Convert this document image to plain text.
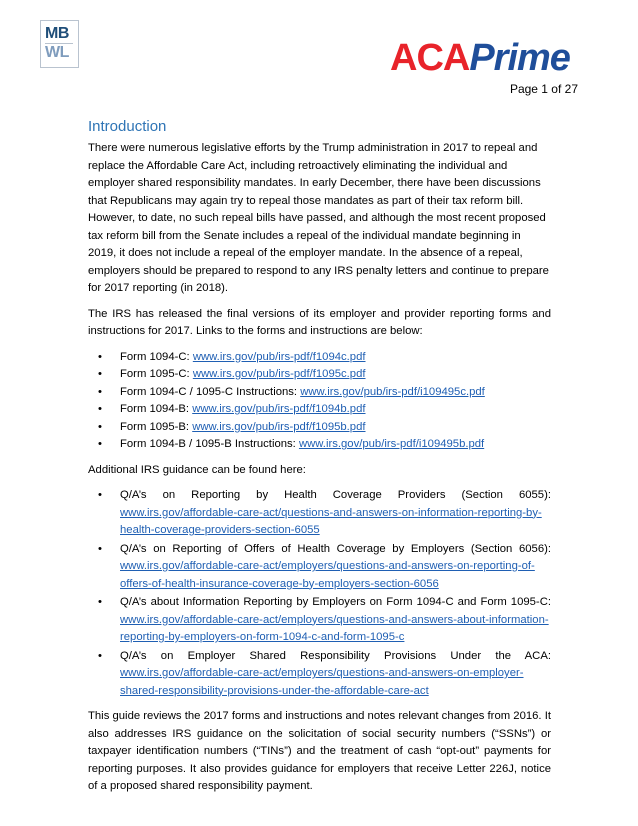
MB
WL	ACAPrime
Page 1 of 27
Introduction

There were numerous legislative efforts by the Trump administration in 2017 to repeal and replace the Affordable Care Act, including retroactively eliminating the individual and employer shared responsibility mandates. In early December, there have been discussions that Republicans may again try to repeal those mandates as part of their tax reform bill. However, to date, no such repeal bills have passed, and although the most recent proposed tax reform bill from the Senate includes a repeal of the individual mandate beginning in 2019, it does not include a repeal of the employer mandate. In the absence of a repeal, employers should be prepared to respond to any IRS penalty letters and continue to prepare for 2017 reporting (in 2018).

The IRS has released the final versions of its employer and provider reporting forms and instructions for 2017. Links to the forms and instructions are below:

• Form 1094-C: www.irs.gov/pub/irs-pdf/f1094c.pdf
• Form 1095-C: www.irs.gov/pub/irs-pdf/f1095c.pdf
• Form 1094-C / 1095-C Instructions: www.irs.gov/pub/irs-pdf/i109495c.pdf
• Form 1094-B: www.irs.gov/pub/irs-pdf/f1094b.pdf
• Form 1095-B: www.irs.gov/pub/irs-pdf/f1095b.pdf
• Form 1094-B / 1095-B Instructions: www.irs.gov/pub/irs-pdf/i109495b.pdf

Additional IRS guidance can be found here:

• Q/A’s on Reporting by Health Coverage Providers (Section 6055): www.irs.gov/affordable-care-act/questions-and-answers-on-information-reporting-by-health-coverage-providers-section-6055
• Q/A’s on Reporting of Offers of Health Coverage by Employers (Section 6056): www.irs.gov/affordable-care-act/employers/questions-and-answers-on-reporting-of-offers-of-health-insurance-coverage-by-employers-section-6056
• Q/A’s about Information Reporting by Employers on Form 1094-C and Form 1095-C: www.irs.gov/affordable-care-act/employers/questions-and-answers-about-information-reporting-by-employers-on-form-1094-c-and-form-1095-c
• Q/A’s on Employer Shared Responsibility Provisions Under the ACA: www.irs.gov/affordable-care-act/employers/questions-and-answers-on-employer-shared-responsibility-provisions-under-the-affordable-care-act

This guide reviews the 2017 forms and instructions and notes relevant changes from 2016. It also addresses IRS guidance on the solicitation of social security numbers (“SSNs”) or taxpayer identification numbers (“TINs”) and the treatment of cash “opt-out” payments for reporting purposes. It also provides guidance for employers that receive Letter 226J, notice of a proposed shared responsibility payment.
